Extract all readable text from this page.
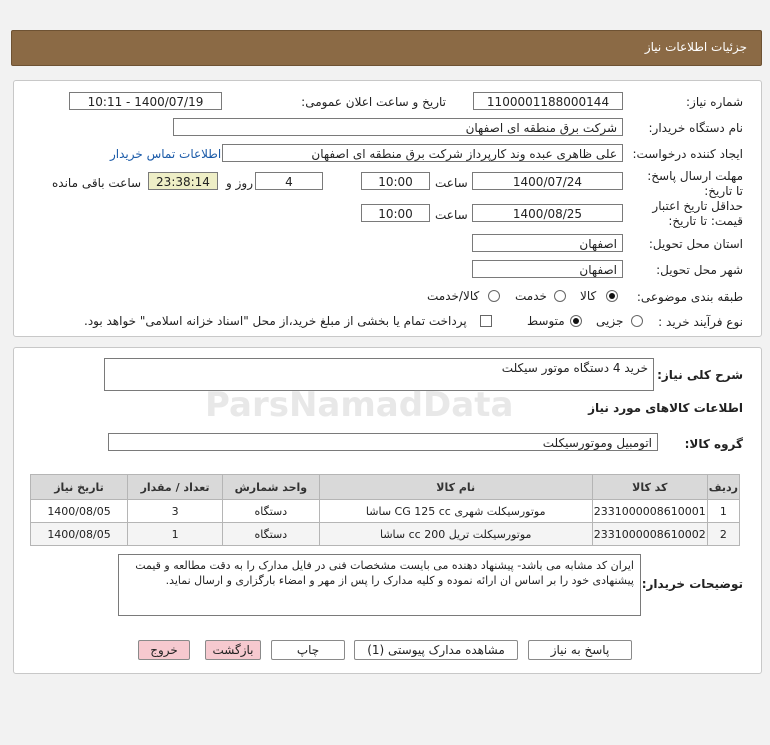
جزئیات اطلاعات نیاز
شماره نیاز:
1100001188000144
تاریخ و ساعت اعلان عمومی:
1400/07/19 - 10:11
نام دستگاه خریدار:
شرکت برق منطقه ای اصفهان
ایجاد کننده درخواست:
علی ظاهری عبده وند کارپرداز شرکت برق منطقه ای اصفهان
اطلاعات تماس خریدار
مهلت ارسال پاسخ: تا تاریخ:
1400/07/24
ساعت
10:00
4
روز و
23:38:14
ساعت باقی مانده
حداقل تاریخ اعتبار قیمت: تا تاریخ:
1400/08/25
ساعت
10:00
استان محل تحویل:
اصفهان
شهر محل تحویل:
اصفهان
طبقه بندی موضوعی:
کالا
خدمت
کالا/خدمت
نوع فرآیند خرید :
جزیی
متوسط
پرداخت تمام یا بخشی از مبلغ خرید،از محل "اسناد خزانه اسلامی" خواهد بود.
شرح کلی نیاز:
خرید 4 دستگاه موتور سیکلت
ParsNamadData	اطلاعات کالاهای مورد نیاز
گروه کالا:
اتومبیل وموتورسیکلت
ردیف	کد کالا	نام کالا	واحد شمارش	تعداد / مقدار	تاریخ نیاز
1	2331000008610001	موتورسیکلت شهری CG 125 cc ساشا	دستگاه	3	1400/08/05
2	2331000008610002	موتورسیکلت تریل 200 cc ساشا	دستگاه	1	1400/08/05
توضیحات خریدار:
ایران کد مشابه می باشد- پیشنهاد دهنده می بایست مشخصات فنی در فایل مدارک را به دقت مطالعه و قیمت پیشنهادی خود را بر اساس ان ارائه نموده و کلیه مدارک را پس از مهر و امضاء بارگزاری و ارسال نماید.
پاسخ به نیاز
مشاهده مدارک پیوستی (1)
چاپ
بازگشت
خروج
